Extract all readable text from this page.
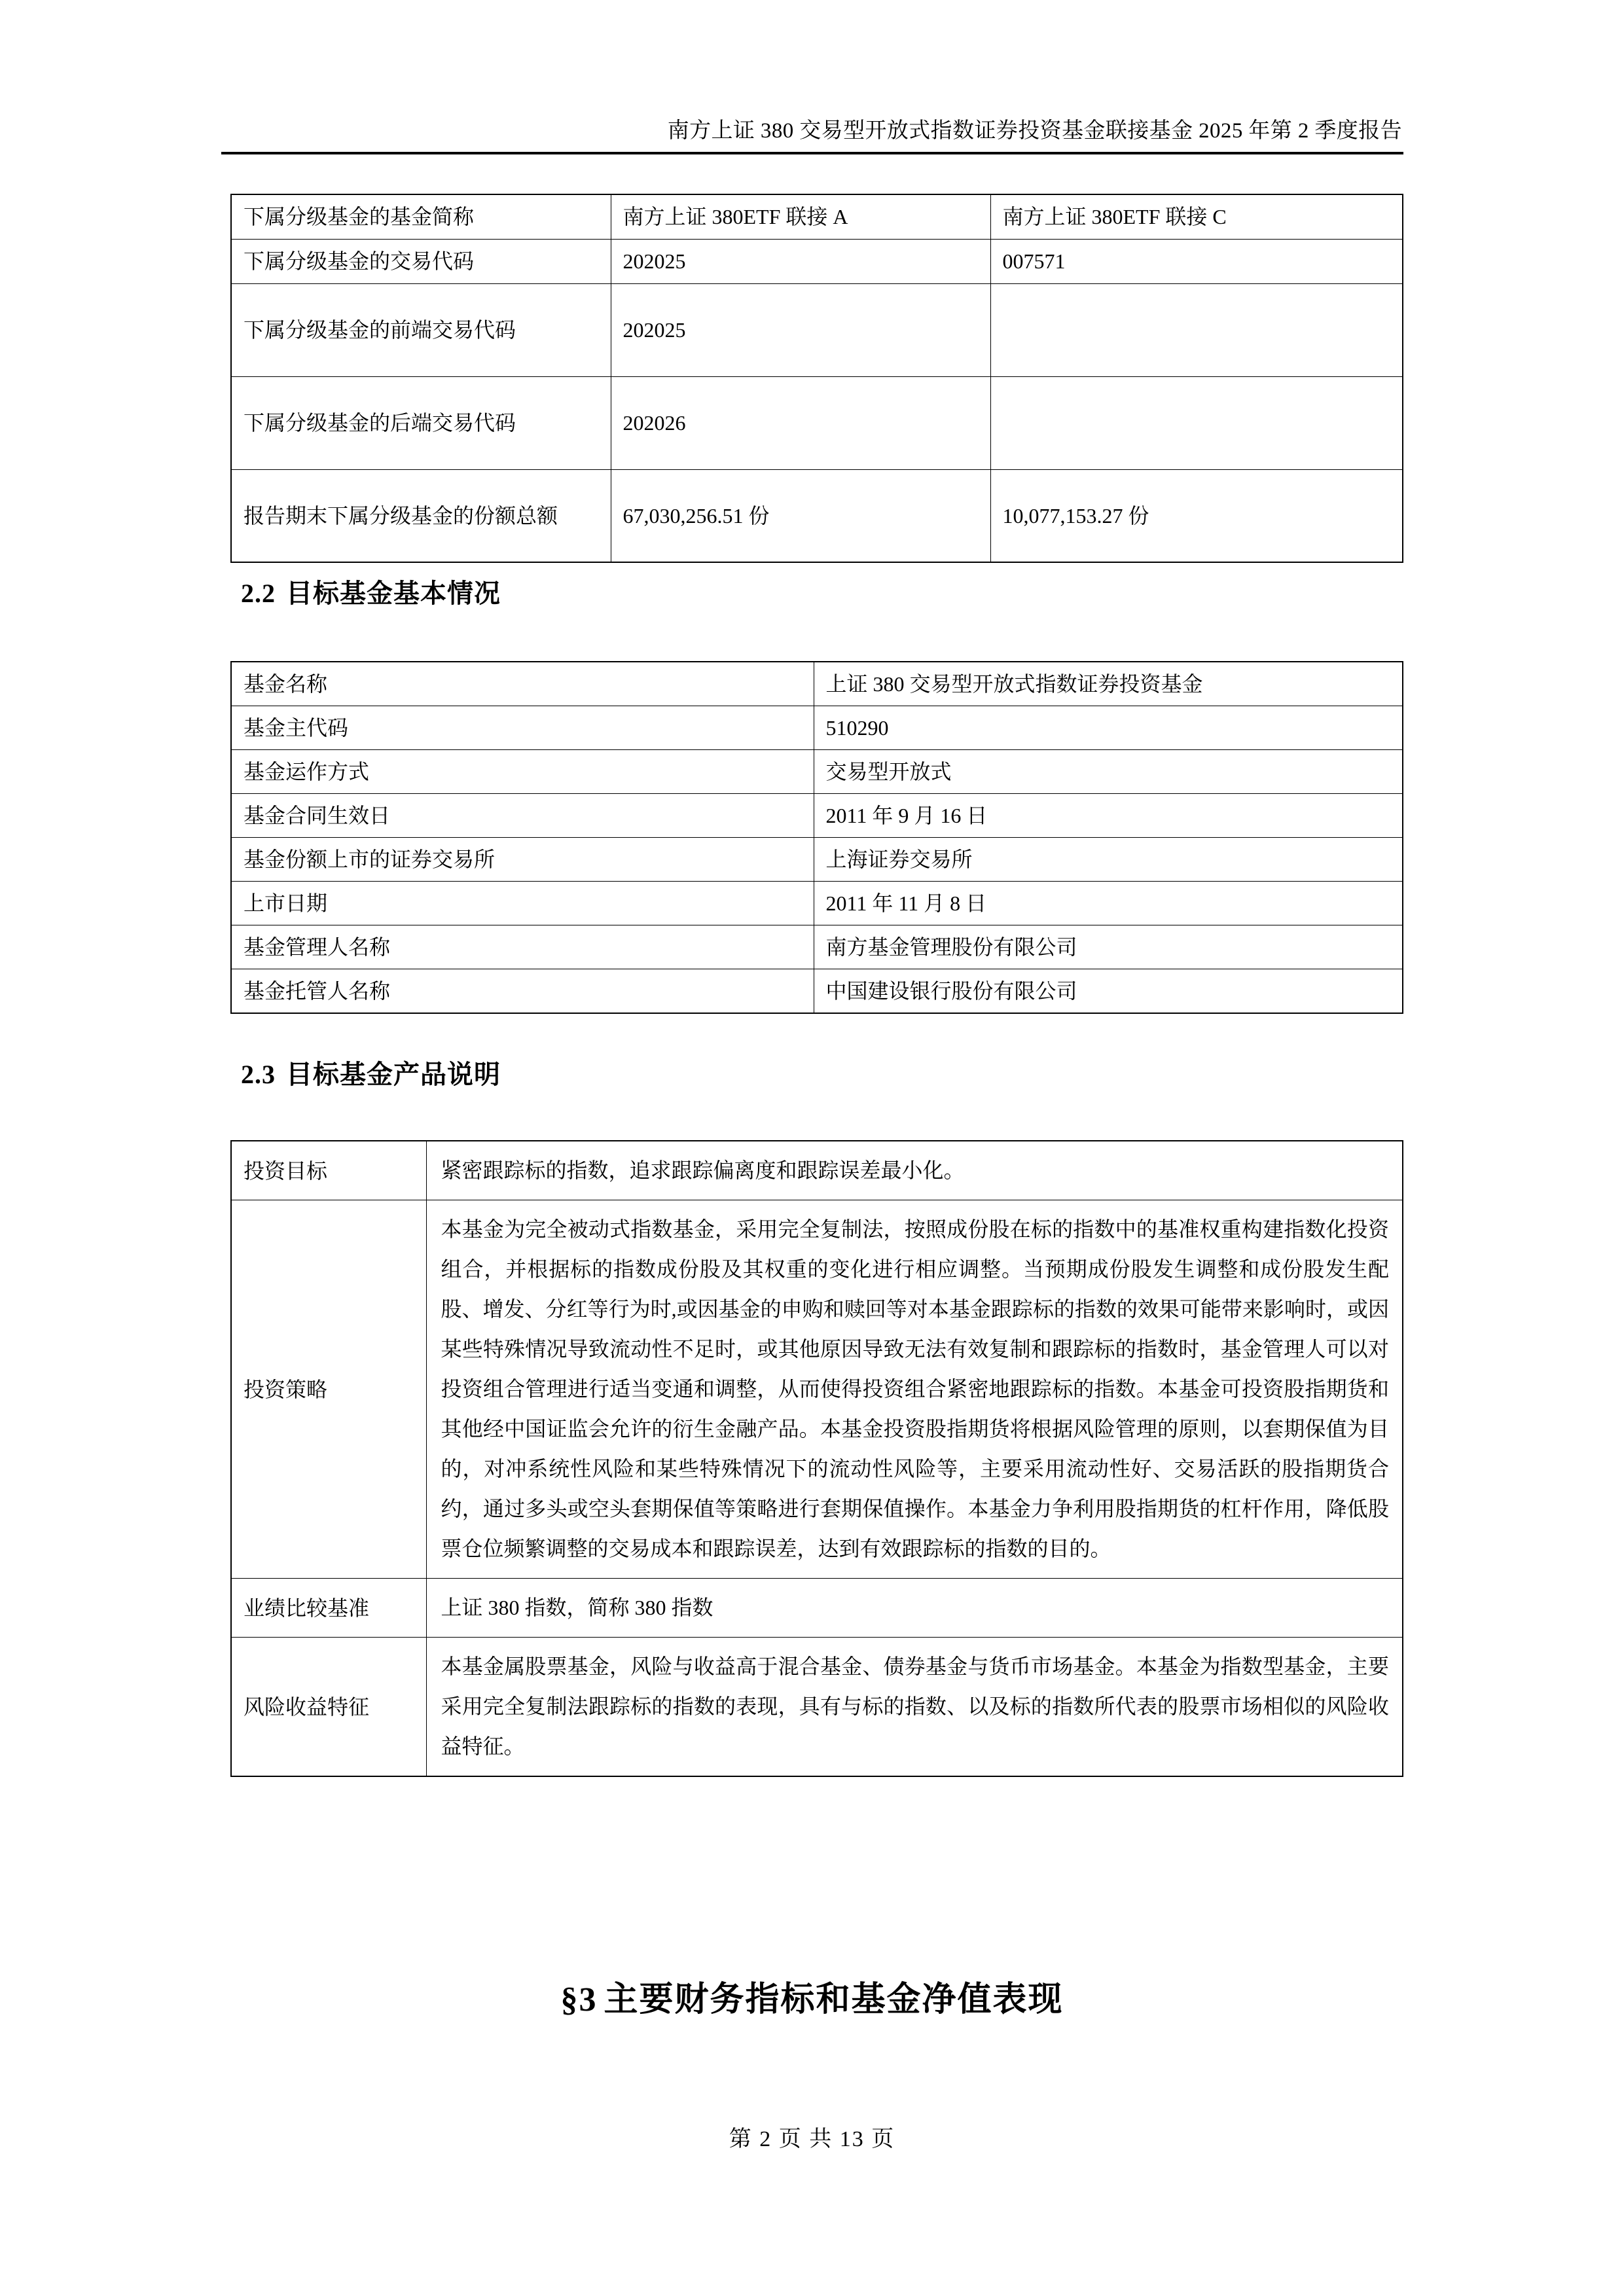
南方上证 380 交易型开放式指数证券投资基金联接基金 2025 年第 2 季度报告
下属分级基金的基金简称	南方上证 380ETF 联接 A	南方上证 380ETF 联接 C
下属分级基金的交易代码	202025	007571
下属分级基金的前端交易代码	202025	
下属分级基金的后端交易代码	202026	
报告期末下属分级基金的份额总额	67,030,256.51 份	10,077,153.27 份
2.2 目标基金基本情况
基金名称	上证 380 交易型开放式指数证券投资基金
基金主代码	510290
基金运作方式	交易型开放式
基金合同生效日	2011 年 9 月 16 日
基金份额上市的证券交易所	上海证券交易所
上市日期	2011 年 11 月 8 日
基金管理人名称	南方基金管理股份有限公司
基金托管人名称	中国建设银行股份有限公司
2.3 目标基金产品说明
投资目标	紧密跟踪标的指数，追求跟踪偏离度和跟踪误差最小化。
投资策略	本基金为完全被动式指数基金，采用完全复制法，按照成份股在标的指数中的基准权重构建指数化投资组合，并根据标的指数成份股及其权重的变化进行相应调整。当预期成份股发生调整和成份股发生配股、增发、分红等行为时,或因基金的申购和赎回等对本基金跟踪标的指数的效果可能带来影响时，或因某些特殊情况导致流动性不足时，或其他原因导致无法有效复制和跟踪标的指数时，基金管理人可以对投资组合管理进行适当变通和调整，从而使得投资组合紧密地跟踪标的指数。本基金可投资股指期货和其他经中国证监会允许的衍生金融产品。本基金投资股指期货将根据风险管理的原则，以套期保值为目的，对冲系统性风险和某些特殊情况下的流动性风险等，主要采用流动性好、交易活跃的股指期货合约，通过多头或空头套期保值等策略进行套期保值操作。本基金力争利用股指期货的杠杆作用，降低股票仓位频繁调整的交易成本和跟踪误差，达到有效跟踪标的指数的目的。
业绩比较基准	上证 380 指数，简称 380 指数
风险收益特征	本基金属股票基金，风险与收益高于混合基金、债券基金与货币市场基金。本基金为指数型基金，主要采用完全复制法跟踪标的指数的表现，具有与标的指数、以及标的指数所代表的股票市场相似的风险收益特征。
§3 主要财务指标和基金净值表现
第 2 页 共 13 页
